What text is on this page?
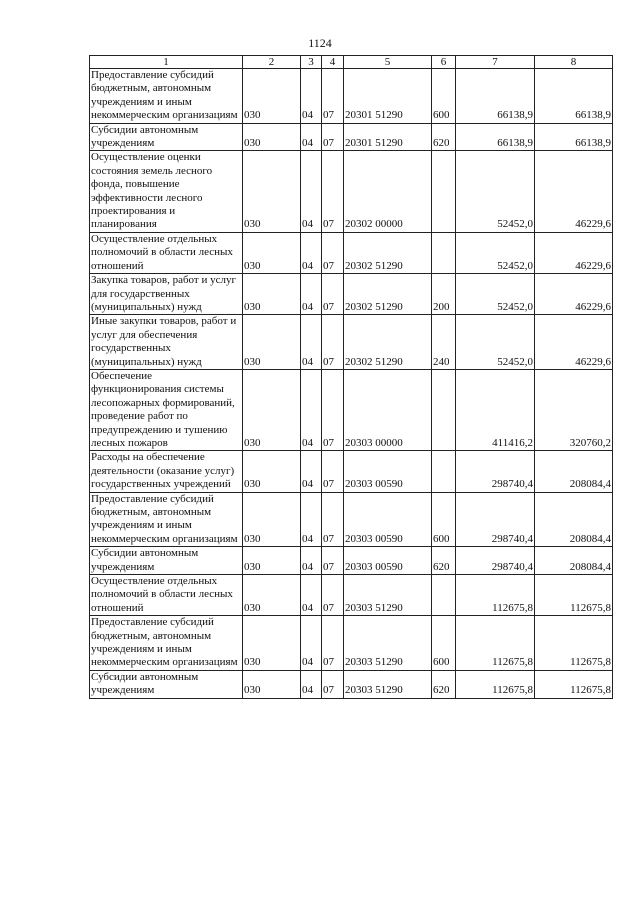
1124
1	2	3	4	5	6	7	8
Предоставление субсидий бюджетным, автономным учреждениям и иным некоммерческим организациям	030	04	07	20301 51290	600	66138,9	66138,9
Субсидии автономным учреждениям	030	04	07	20301 51290	620	66138,9	66138,9
Осуществление оценки состояния земель лесного фонда, повышение эффективности лесного проектирования и планирования	030	04	07	20302 00000		52452,0	46229,6
Осуществление отдельных полномочий в области лесных отношений	030	04	07	20302 51290		52452,0	46229,6
Закупка товаров, работ и услуг для государственных (муниципальных) нужд	030	04	07	20302 51290	200	52452,0	46229,6
Иные закупки товаров, работ и услуг для обеспечения государственных (муниципальных) нужд	030	04	07	20302 51290	240	52452,0	46229,6
Обеспечение функционирования системы лесопожарных формирований, проведение работ по предупреждению и тушению лесных пожаров	030	04	07	20303 00000		411416,2	320760,2
Расходы на обеспечение деятельности (оказание услуг) государственных учреждений	030	04	07	20303 00590		298740,4	208084,4
Предоставление субсидий бюджетным, автономным учреждениям и иным некоммерческим организациям	030	04	07	20303 00590	600	298740,4	208084,4
Субсидии автономным учреждениям	030	04	07	20303 00590	620	298740,4	208084,4
Осуществление отдельных полномочий в области лесных отношений	030	04	07	20303 51290		112675,8	112675,8
Предоставление субсидий бюджетным, автономным учреждениям и иным некоммерческим организациям	030	04	07	20303 51290	600	112675,8	112675,8
Субсидии автономным учреждениям	030	04	07	20303 51290	620	112675,8	112675,8
